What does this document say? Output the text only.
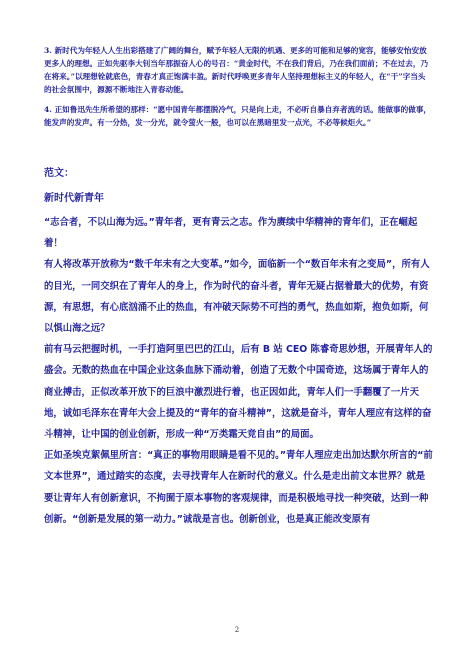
3. 新时代为年轻人人生出彩搭建了广阔的舞台，赋予年轻人无限的机遇、更多的可能和足够的宽容，能够安怡安放更多人的理想。正如先驱李大钊当年那振奋人心的号召：“黄金时代，不在我们背后，乃在我们面前；不在过去，乃在将来。”以理想铨就底色，青春才真正饱满丰盈。新时代呼唤更多青年人坚持理想标主义的年轻人，在“干”字当头的社会氛围中，源源不断地注入青春动能。

4. 正如鲁迅先生所希望的那样：“愿中国青年都摆脱冷气，只是向上走，不必听自暴自弃者流的话。能做事的做事，能发声的发声。有一分热，发一分光，就令萤火一般，也可以在黑暗里发一点光，不必等候炬火。”

范文：
新时代新青年

“志合者，不以山海为远。”青年者，更有青云之志。作为赓续中华精神的青年们，正在崛起着！

有人将改革开放称为“数千年未有之大变革。”如今，面临新一个“数百年未有之变局”，所有人的目光，一同交织在了青年人的身上，作为时代的奋斗者，青年无疑占据着最大的优势，有资源，有思想，有心底汹涌不止的热血，有冲破天际势不可挡的勇气，热血如斯，抱负如斯，何以惧山海之远？

前有马云把握时机，一手打造阿里巴巴的江山，后有 B 站 CEO 陈睿奇思妙想，开展青年人的盛会。无数的热血在中国企业这条血脉下涌动着，创造了无数个中国奇迹，这场属于青年人的商业搏击，正似改革开放下的巨浪中激烈进行着，也正因如此，青年人们一手翻覆了一片天地，诚如毛泽东在青年大会上提及的“青年的奋斗精神”，这就是奋斗，青年人理应有这样的奋斗精神，让中国的创业创新，形成一种“万类霜天竞自由”的局面。

正如圣埃克絮佩里所言：“真正的事物用眼睛是看不见的。”青年人理应走出加达默尔所言的“前文本世界”，通过踏实的态度，去寻找青年人在新时代的意义。什么是走出前文本世界？就是要让青年人有创新意识，不拘囿于原本事物的客观规律，而是积极地寻找一种突破，达到一种创新。“创新是发展的第一动力。”诚哉是言也。创新创业，也是真正能改变原有

2
